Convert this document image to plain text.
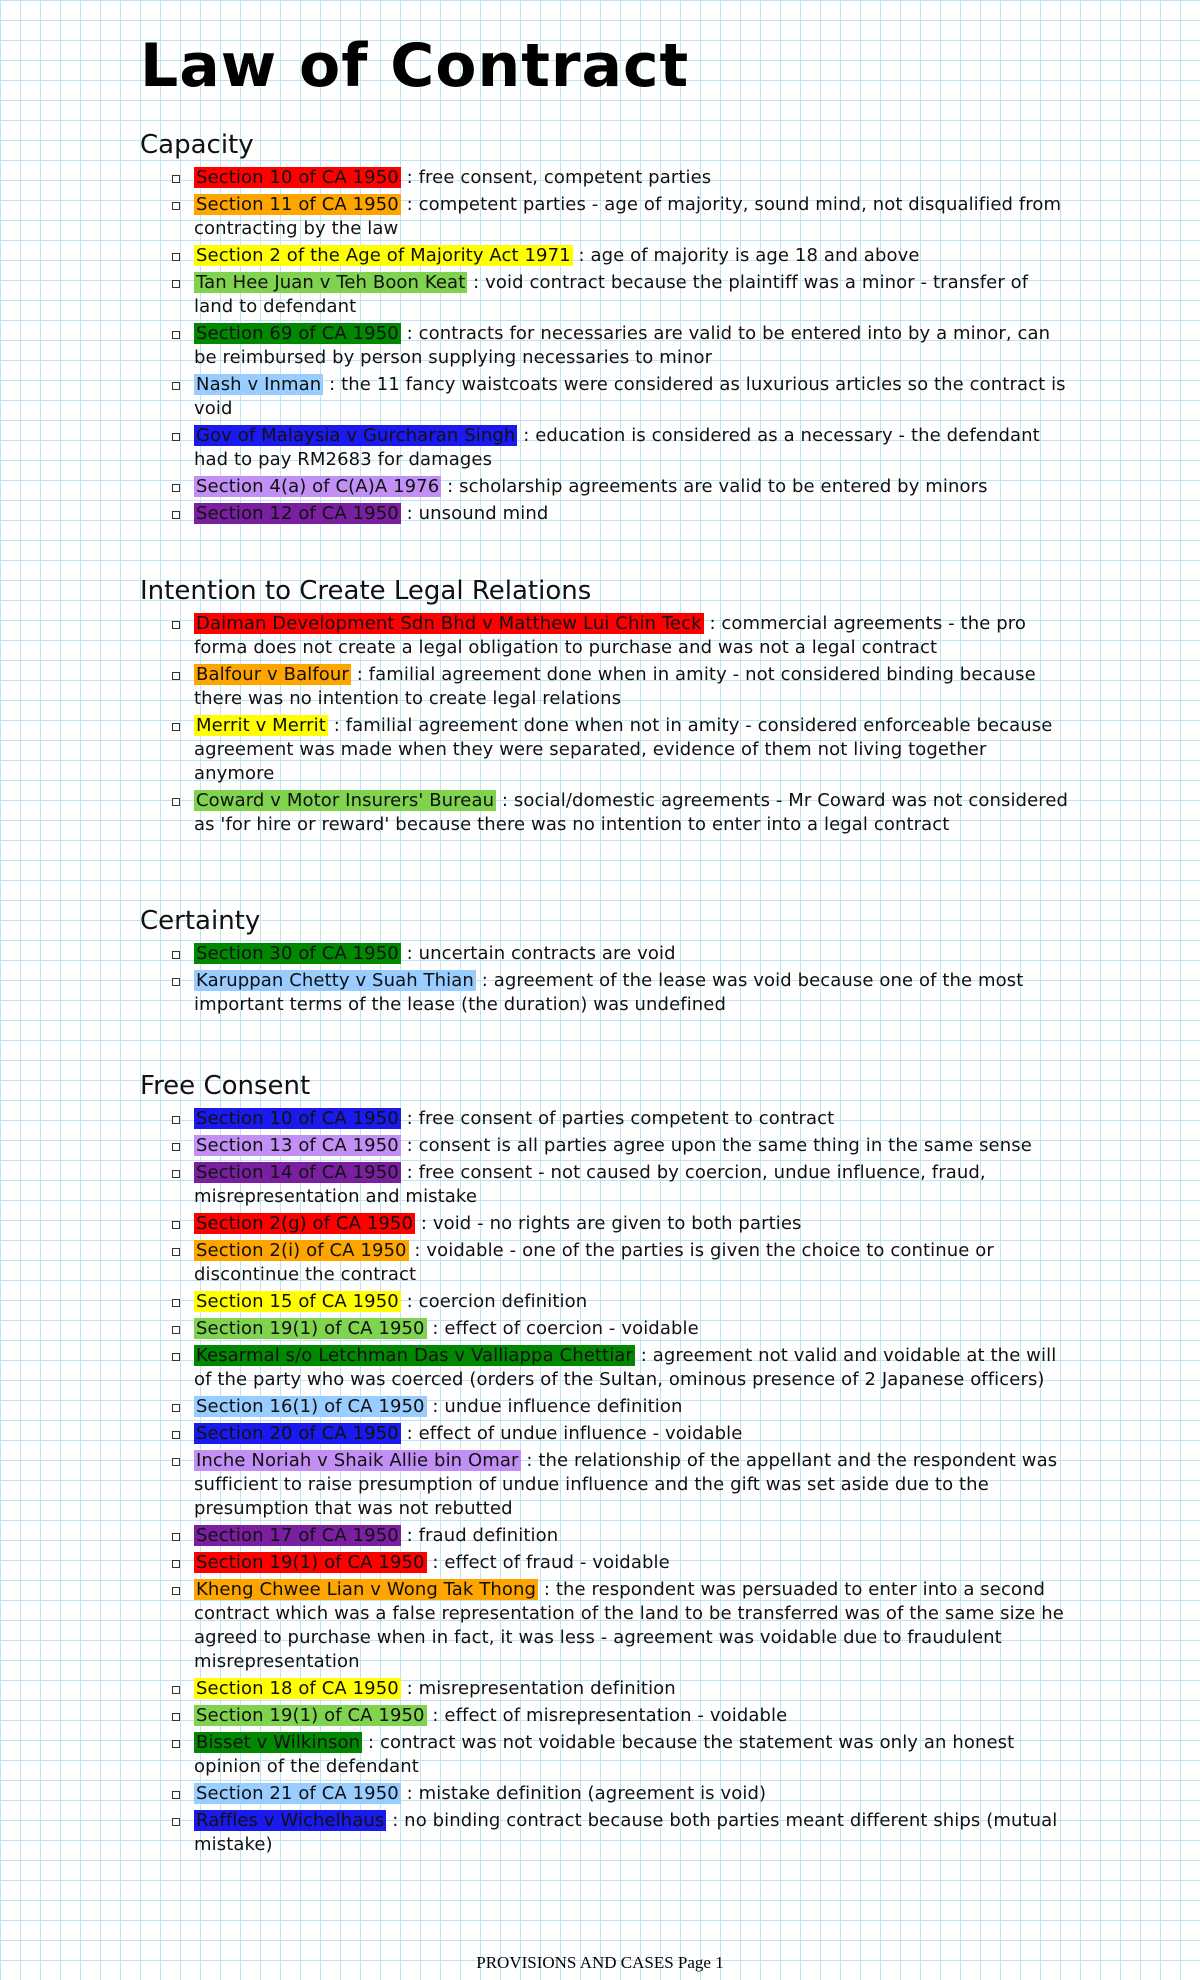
Law of Contract
Capacity
Section 10 of CA 1950 : free consent, competent parties
Section 11 of CA 1950 : competent parties - age of majority, sound mind, not disqualified from contracting by the law
Section 2 of the Age of Majority Act 1971 : age of majority is age 18 and above
Tan Hee Juan v Teh Boon Keat : void contract because the plaintiff was a minor - transfer of land to defendant
Section 69 of CA 1950 : contracts for necessaries are valid to be entered into by a minor, can be reimbursed by person supplying necessaries to minor
Nash v Inman : the 11 fancy waistcoats were considered as luxurious articles so the contract is void
Gov of Malaysia v Gurcharan Singh : education is considered as a necessary - the defendant had to pay RM2683 for damages
Section 4(a) of C(A)A 1976 : scholarship agreements are valid to be entered by minors
Section 12 of CA 1950 : unsound mind
Intention to Create Legal Relations
Daiman Development Sdn Bhd v Matthew Lui Chin Teck : commercial agreements - the pro forma does not create a legal obligation to purchase and was not a legal contract
Balfour v Balfour : familial agreement done when in amity - not considered binding because there was no intention to create legal relations
Merrit v Merrit : familial agreement done when not in amity - considered enforceable because agreement was made when they were separated, evidence of them not living together anymore
Coward v Motor Insurers' Bureau : social/domestic agreements - Mr Coward was not considered as 'for hire or reward' because there was no intention to enter into a legal contract
Certainty
Section 30 of CA 1950 : uncertain contracts are void
Karuppan Chetty v Suah Thian : agreement of the lease was void because one of the most important terms of the lease (the duration) was undefined
Free Consent
Section 10 of CA 1950 : free consent of parties competent to contract
Section 13 of CA 1950 : consent is all parties agree upon the same thing in the same sense
Section 14 of CA 1950 : free consent - not caused by coercion, undue influence, fraud, misrepresentation and mistake
Section 2(g) of CA 1950 : void - no rights are given to both parties
Section 2(i) of CA 1950 : voidable - one of the parties is given the choice to continue or discontinue the contract
Section 15 of CA 1950 : coercion definition
Section 19(1) of CA 1950 : effect of coercion - voidable
Kesarmal s/o Letchman Das v Valliappa Chettiar : agreement not valid and voidable at the will of the party who was coerced (orders of the Sultan, ominous presence of 2 Japanese officers)
Section 16(1) of CA 1950 : undue influence definition
Section 20 of CA 1950 : effect of undue influence - voidable
Inche Noriah v Shaik Allie bin Omar : the relationship of the appellant and the respondent was sufficient to raise presumption of undue influence and the gift was set aside due to the presumption that was not rebutted
Section 17 of CA 1950 : fraud definition
Section 19(1) of CA 1950 : effect of fraud - voidable
Kheng Chwee Lian v Wong Tak Thong : the respondent was persuaded to enter into a second contract which was a false representation of the land to be transferred was of the same size he agreed to purchase when in fact, it was less - agreement was voidable due to fraudulent misrepresentation
Section 18 of CA 1950 : misrepresentation definition
Section 19(1) of CA 1950 : effect of misrepresentation - voidable
Bisset v Wilkinson : contract was not voidable because the statement was only an honest opinion of the defendant
Section 21 of CA 1950 : mistake definition (agreement is void)
Raffles v Wichelhaus : no binding contract because both parties meant different ships (mutual mistake)
PROVISIONS AND CASES Page 1
